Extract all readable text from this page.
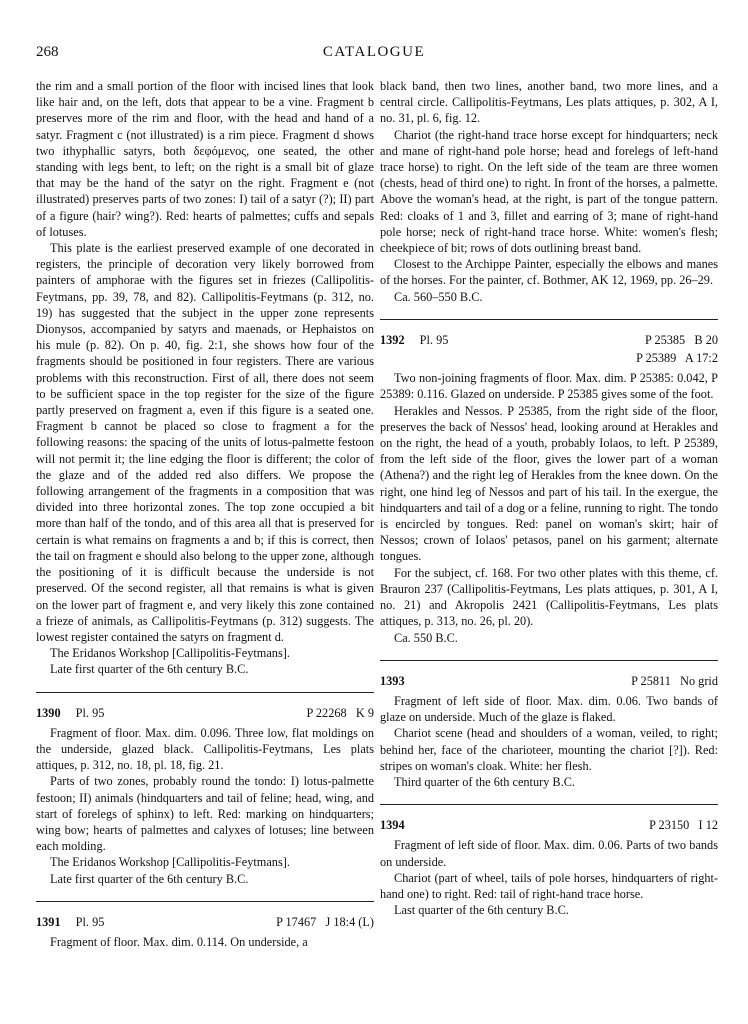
268	CATALOGUE

the rim and a small portion of the floor with incised lines that look like hair and, on the left, dots that appear to be a vine. Fragment b preserves more of the rim and floor, with the head and hand of a satyr. Fragment c (not illustrated) is a rim piece. Fragment d shows two ithyphallic satyrs, both δεφόμενος, one seated, the other standing with legs bent, to left; on the right is a small bit of glaze that may be the hand of the satyr on the right. Fragment e (not illustrated) preserves parts of two zones: I) tail of a satyr (?); II) part of a figure (hair? wing?). Red: hearts of palmettes; cuffs and sepals of lotuses.

This plate is the earliest preserved example of one decorated in registers, the principle of decoration very likely borrowed from painters of amphorae with the figures set in friezes (Callipolitis-Feytmans, pp. 39, 78, and 82). Callipolitis-Feytmans (p. 312, no. 19) has suggested that the subject in the upper zone represents Dionysos, accompanied by satyrs and maenads, or Hephaistos on his mule (p. 82). On p. 40, fig. 2:1, she shows how four of the fragments should be positioned in four registers. There are various problems with this reconstruction. First of all, there does not seem to be sufficient space in the top register for the size of the figure partly preserved on fragment a, even if this figure is a seated one. Fragment b cannot be placed so close to fragment a for the following reasons: the spacing of the units of lotus-palmette festoon will not permit it; the line edging the floor is different; the color of the glaze and of the added red also differs. We propose the following arrangement of the fragments in a composition that was divided into three horizontal zones. The top zone occupied a bit more than half of the tondo, and of this area all that is preserved for certain is what remains on fragments a and b; if this is correct, then the tail on fragment e should also belong to the upper zone, although the positioning of it is difficult because the underside is not preserved. Of the second register, all that remains is what is given on the lower part of fragment e, and very likely this zone contained a frieze of animals, as Callipolitis-Feytmans (p. 312) suggests. The lowest register contained the satyrs on fragment d.

The Eridanos Workshop [Callipolitis-Feytmans].

Late first quarter of the 6th century B.C.

1390 Pl. 95	P 22268 K 9

Fragment of floor. Max. dim. 0.096. Three low, flat moldings on the underside, glazed black. Callipolitis-Feytmans, Les plats attiques, p. 312, no. 18, pl. 18, fig. 21.

Parts of two zones, probably round the tondo: I) lotus-palmette festoon; II) animals (hindquarters and tail of feline; head, wing, and start of forelegs of sphinx) to left. Red: marking on hindquarters; wing bow; hearts of palmettes and calyxes of lotuses; line between each molding.

The Eridanos Workshop [Callipolitis-Feytmans].

Late first quarter of the 6th century B.C.

1391 Pl. 95	P 17467 J 18:4 (L)

Fragment of floor. Max. dim. 0.114. On underside, a

black band, then two lines, another band, two more lines, and a central circle. Callipolitis-Feytmans, Les plats attiques, p. 302, A I, no. 31, pl. 6, fig. 12.

Chariot (the right-hand trace horse except for hindquarters; neck and mane of right-hand pole horse; head and forelegs of left-hand trace horse) to right. On the left side of the team are three women (chests, head of third one) to right. In front of the horses, a palmette. Above the woman's head, at the right, is part of the tongue pattern. Red: cloaks of 1 and 3, fillet and earring of 3; mane of right-hand pole horse; neck of right-hand trace horse. White: women's flesh; cheekpiece of bit; rows of dots outlining breast band.

Closest to the Archippe Painter, especially the elbows and manes of the horses. For the painter, cf. Bothmer, AK 12, 1969, pp. 26–29.

Ca. 560–550 B.C.

1392 Pl. 95	P 25385 B 20
P 25389 A 17:2

Two non-joining fragments of floor. Max. dim. P 25385: 0.042, P 25389: 0.116. Glazed on underside. P 25385 gives some of the foot.

Herakles and Nessos. P 25385, from the right side of the floor, preserves the back of Nessos' head, looking around at Herakles and on the right, the head of a youth, probably Iolaos, to left. P 25389, from the left side of the floor, gives the lower part of a woman (Athena?) and the right leg of Herakles from the knee down. On the right, one hind leg of Nessos and part of his tail. In the exergue, the hindquarters and tail of a dog or a feline, running to right. The tondo is encircled by tongues. Red: panel on woman's skirt; hair of Nessos; crown of Iolaos' petasos, panel on his garment; alternate tongues.

For the subject, cf. 168. For two other plates with this theme, cf. Brauron 237 (Callipolitis-Feytmans, Les plats attiques, p. 301, A I, no. 21) and Akropolis 2421 (Callipolitis-Feytmans, Les plats attiques, p. 313, no. 26, pl. 20).

Ca. 550 B.C.

1393	P 25811 No grid

Fragment of left side of floor. Max. dim. 0.06. Two bands of glaze on underside. Much of the glaze is flaked.

Chariot scene (head and shoulders of a woman, veiled, to right; behind her, face of the charioteer, mounting the chariot [?]). Red: stripes on woman's cloak. White: her flesh.

Third quarter of the 6th century B.C.

1394	P 23150 I 12

Fragment of left side of floor. Max. dim. 0.06. Parts of two bands on underside.

Chariot (part of wheel, tails of pole horses, hindquarters of right-hand one) to right. Red: tail of right-hand trace horse.

Last quarter of the 6th century B.C.
